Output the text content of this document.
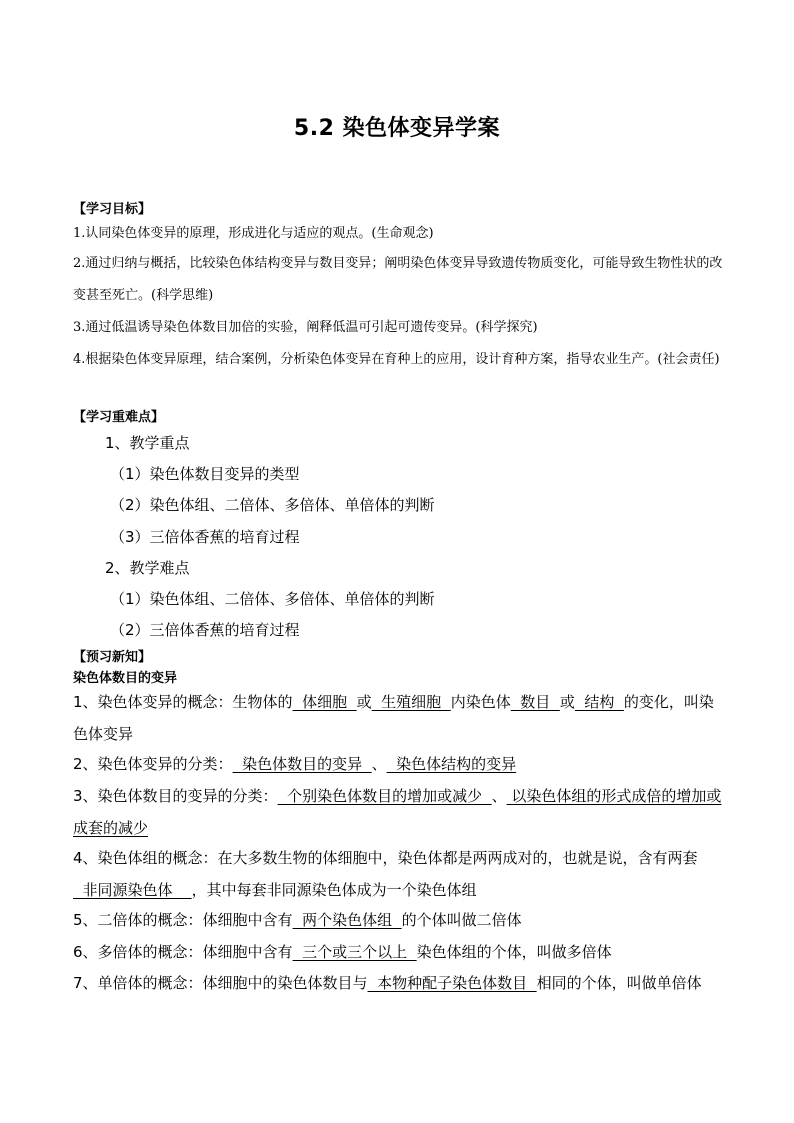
5.2 染色体变异学案
【学习目标】
1.认同染色体变异的原理，形成进化与适应的观点。(生命观念)
2.通过归纳与概括，比较染色体结构变异与数目变异；阐明染色体变异导致遗传物质变化，可能导致生物性状的改变甚至死亡。(科学思维)
3.通过低温诱导染色体数目加倍的实验，阐释低温可引起可遗传变异。(科学探究)
4.根据染色体变异原理，结合案例，分析染色体变异在育种上的应用，设计育种方案，指导农业生产。(社会责任)
【学习重难点】
1、教学重点
（1）染色体数目变异的类型
（2）染色体组、二倍体、多倍体、单倍体的判断
（3）三倍体香蕉的培育过程
2、教学难点
（1）染色体组、二倍体、多倍体、单倍体的判断
（2）三倍体香蕉的培育过程
【预习新知】
染色体数目的变异
1、染色体变异的概念：生物体的  体细胞  或  生殖细胞  内染色体  数目  或  结构  的变化，叫染色体变异
2、染色体变异的分类：  染色体数目的变异  、  染色体结构的变异
3、染色体数目的变异的分类：  个别染色体数目的增加或减少  、 以染色体组的形式成倍的增加或成套的减少
4、染色体组的概念：在大多数生物的体细胞中，染色体都是两两成对的，也就是说，含有两套  非同源染色体    ，其中每套非同源染色体成为一个染色体组
5、二倍体的概念：体细胞中含有  两个染色体组  的个体叫做二倍体
6、多倍体的概念：体细胞中含有  三个或三个以上  染色体组的个体，叫做多倍体
7、单倍体的概念：体细胞中的染色体数目与  本物种配子染色体数目  相同的个体，叫做单倍体
